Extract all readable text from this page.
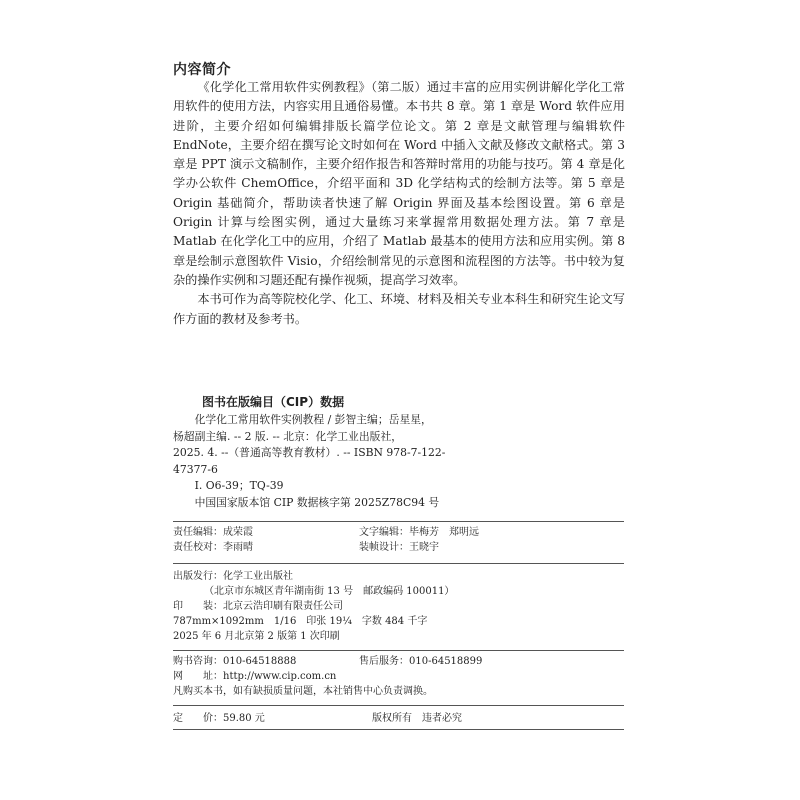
内容简介

《化学化工常用软件实例教程》（第二版）通过丰富的应用实例讲解化学化工常用软件的使用方法，内容实用且通俗易懂。本书共 8 章。第 1 章是 Word 软件应用进阶，主要介绍如何编辑排版长篇学位论文。第 2 章是文献管理与编辑软件 EndNote，主要介绍在撰写论文时如何在 Word 中插入文献及修改文献格式。第 3 章是 PPT 演示文稿制作，主要介绍作报告和答辩时常用的功能与技巧。第 4 章是化学办公软件 ChemOffice，介绍平面和 3D 化学结构式的绘制方法等。第 5 章是 Origin 基础简介，帮助读者快速了解 Origin 界面及基本绘图设置。第 6 章是 Origin 计算与绘图实例，通过大量练习来掌握常用数据处理方法。第 7 章是 Matlab 在化学化工中的应用，介绍了 Matlab 最基本的使用方法和应用实例。第 8 章是绘制示意图软件 Visio，介绍绘制常见的示意图和流程图的方法等。书中较为复杂的操作实例和习题还配有操作视频，提高学习效率。

本书可作为高等院校化学、化工、环境、材料及相关专业本科生和研究生论文写作方面的教材及参考书。

图书在版编目（CIP）数据
化学化工常用软件实例教程 / 彭智主编；岳星星，
杨超副主编. -- 2 版. -- 北京：化学工业出版社，
2025. 4. --（普通高等教育教材）. -- ISBN 978-7-122-
47377-6
Ⅰ. O6-39；TQ-39
中国国家版本馆 CIP 数据核字第 2025Z78C94 号
责任编辑：成荣霞	文字编辑：毕梅芳　郑明远
责任校对：李雨晴	装帧设计：王晓宇
出版发行：化学工业出版社
（北京市东城区青年湖南街 13 号　邮政编码 100011）
印　　装：北京云浩印刷有限责任公司
787mm×1092mm　1/16　印张 19¼　字数 484 千字
2025 年 6 月北京第 2 版第 1 次印刷
购书咨询：010-64518888	售后服务：010-64518899
网　　址：http://www.cip.com.cn
凡购买本书，如有缺损质量问题，本社销售中心负责调换。
定　　价：59.80 元	版权所有　违者必究
